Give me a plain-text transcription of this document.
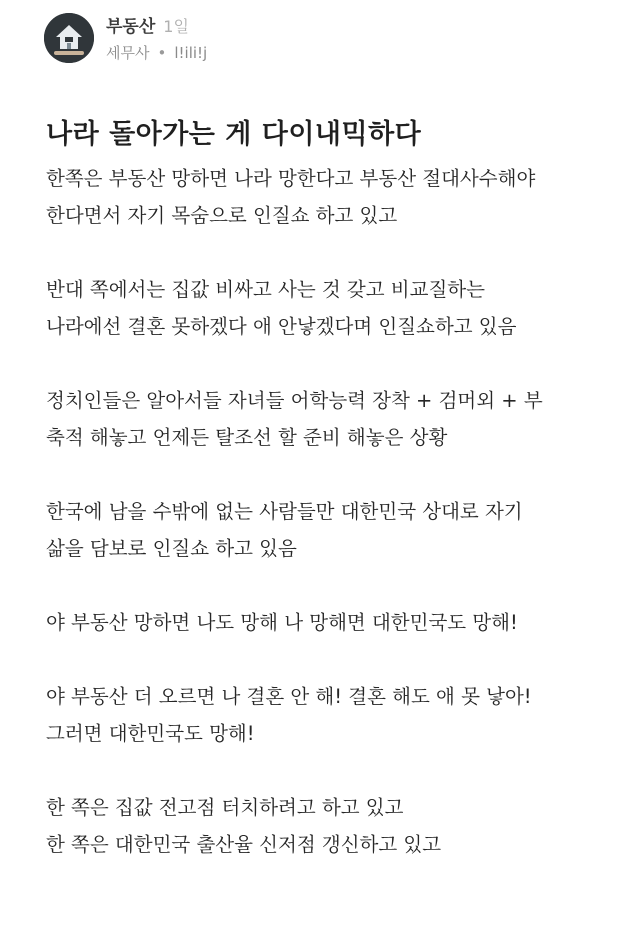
부동산 1일
세무사 • l!ili!j
나라 돌아가는 게 다이내믹하다
한쪽은 부동산 망하면 나라 망한다고 부동산 절대사수해야
한다면서 자기 목숨으로 인질쇼 하고 있고
반대 쪽에서는 집값 비싸고 사는 것 갖고 비교질하는
나라에선 결혼 못하겠다 애 안낳겠다며 인질쇼하고 있음
정치인들은 알아서들 자녀들 어학능력 장착 + 검머외 + 부
축적 해놓고 언제든 탈조선 할 준비 해놓은 상황
한국에 남을 수밖에 없는 사람들만 대한민국 상대로 자기
삶을 담보로 인질쇼 하고 있음
야 부동산 망하면 나도 망해 나 망해면 대한민국도 망해!
야 부동산 더 오르면 나 결혼 안 해! 결혼 해도 애 못 낳아!
그러면 대한민국도 망해!
한 쪽은 집값 전고점 터치하려고 하고 있고
한 쪽은 대한민국 출산율 신저점 갱신하고 있고
